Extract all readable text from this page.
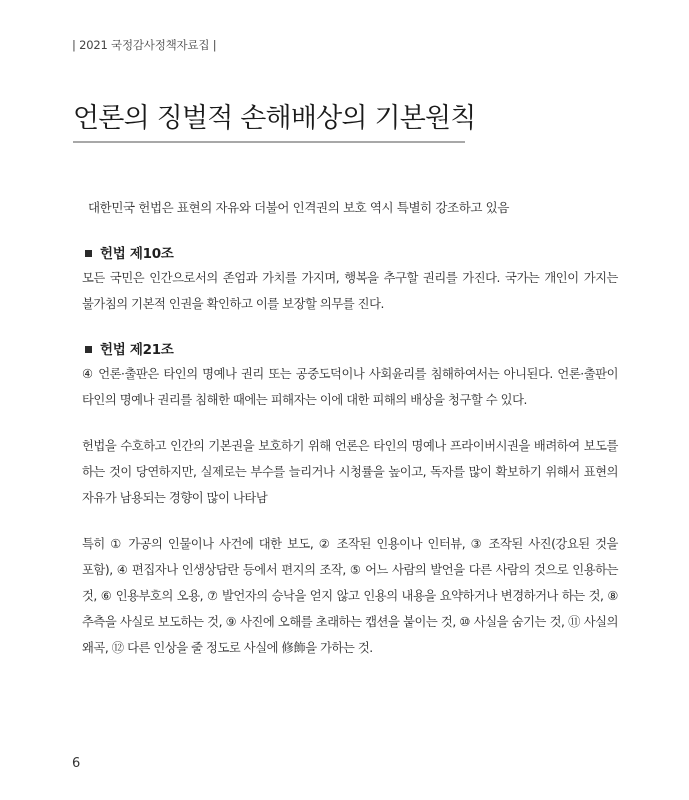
| 2021 국정감사정책자료집 |
언론의 징벌적 손해배상의 기본원칙

대한민국 헌법은 표현의 자유와 더불어 인격권의 보호 역시 특별히 강조하고 있음

헌법 제10조

모든 국민은 인간으로서의 존엄과 가치를 가지며, 행복을 추구할 권리를 가진다. 국가는 개인이 가지는 불가침의 기본적 인권을 확인하고 이를 보장할 의무를 진다.

헌법 제21조

④ 언론·출판은 타인의 명예나 권리 또는 공중도덕이나 사회윤리를 침해하여서는 아니된다. 언론·출판이 타인의 명예나 권리를 침해한 때에는 피해자는 이에 대한 피해의 배상을 청구할 수 있다.

헌법을 수호하고 인간의 기본권을 보호하기 위해 언론은 타인의 명예나 프라이버시권을 배려하여 보도를 하는 것이 당연하지만, 실제로는 부수를 늘리거나 시청률을 높이고, 독자를 많이 확보하기 위해서 표현의 자유가 남용되는 경향이 많이 나타남

특히 ① 가공의 인물이나 사건에 대한 보도, ② 조작된 인용이나 인터뷰, ③ 조작된 사진(강요된 것을 포함), ④ 편집자나 인생상담란 등에서 편지의 조작, ⑤ 어느 사람의 발언을 다른 사람의 것으로 인용하는 것, ⑥ 인용부호의 오용, ⑦ 발언자의 승낙을 얻지 않고 인용의 내용을 요약하거나 변경하거나 하는 것, ⑧ 추측을 사실로 보도하는 것, ⑨ 사진에 오해를 초래하는 캡션을 붙이는 것, ⑩ 사실을 숨기는 것, ⑪ 사실의 왜곡, ⑫ 다른 인상을 줄 정도로 사실에 修飾을 가하는 것.

6
